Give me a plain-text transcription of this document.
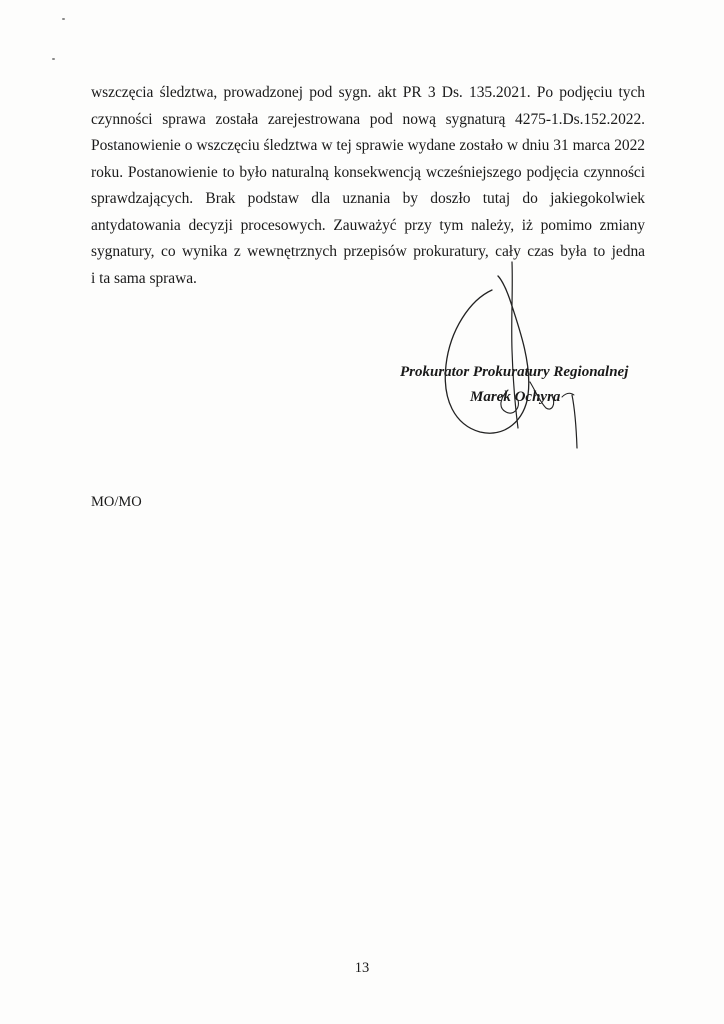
wszczęcia śledztwa, prowadzonej pod sygn. akt PR 3 Ds. 135.2021. Po podjęciu tych czynności sprawa została zarejestrowana pod nową sygnaturą 4275-1.Ds.152.2022. Postanowienie o wszczęciu śledztwa w tej sprawie wydane zostało w dniu 31 marca 2022 roku. Postanowienie to było naturalną konsekwencją wcześniejszego podjęcia czynności sprawdzających. Brak podstaw dla uznania by doszło tutaj do jakiegokolwiek antydatowania decyzji procesowych. Zauważyć przy tym należy, iż pomimo zmiany sygnatury, co wynika z wewnętrznych przepisów prokuratury, cały czas była to jedna
i ta sama sprawa.
Prokurator Prokuratury Regionalnej
Marek Ochyra
MO/MO
13
